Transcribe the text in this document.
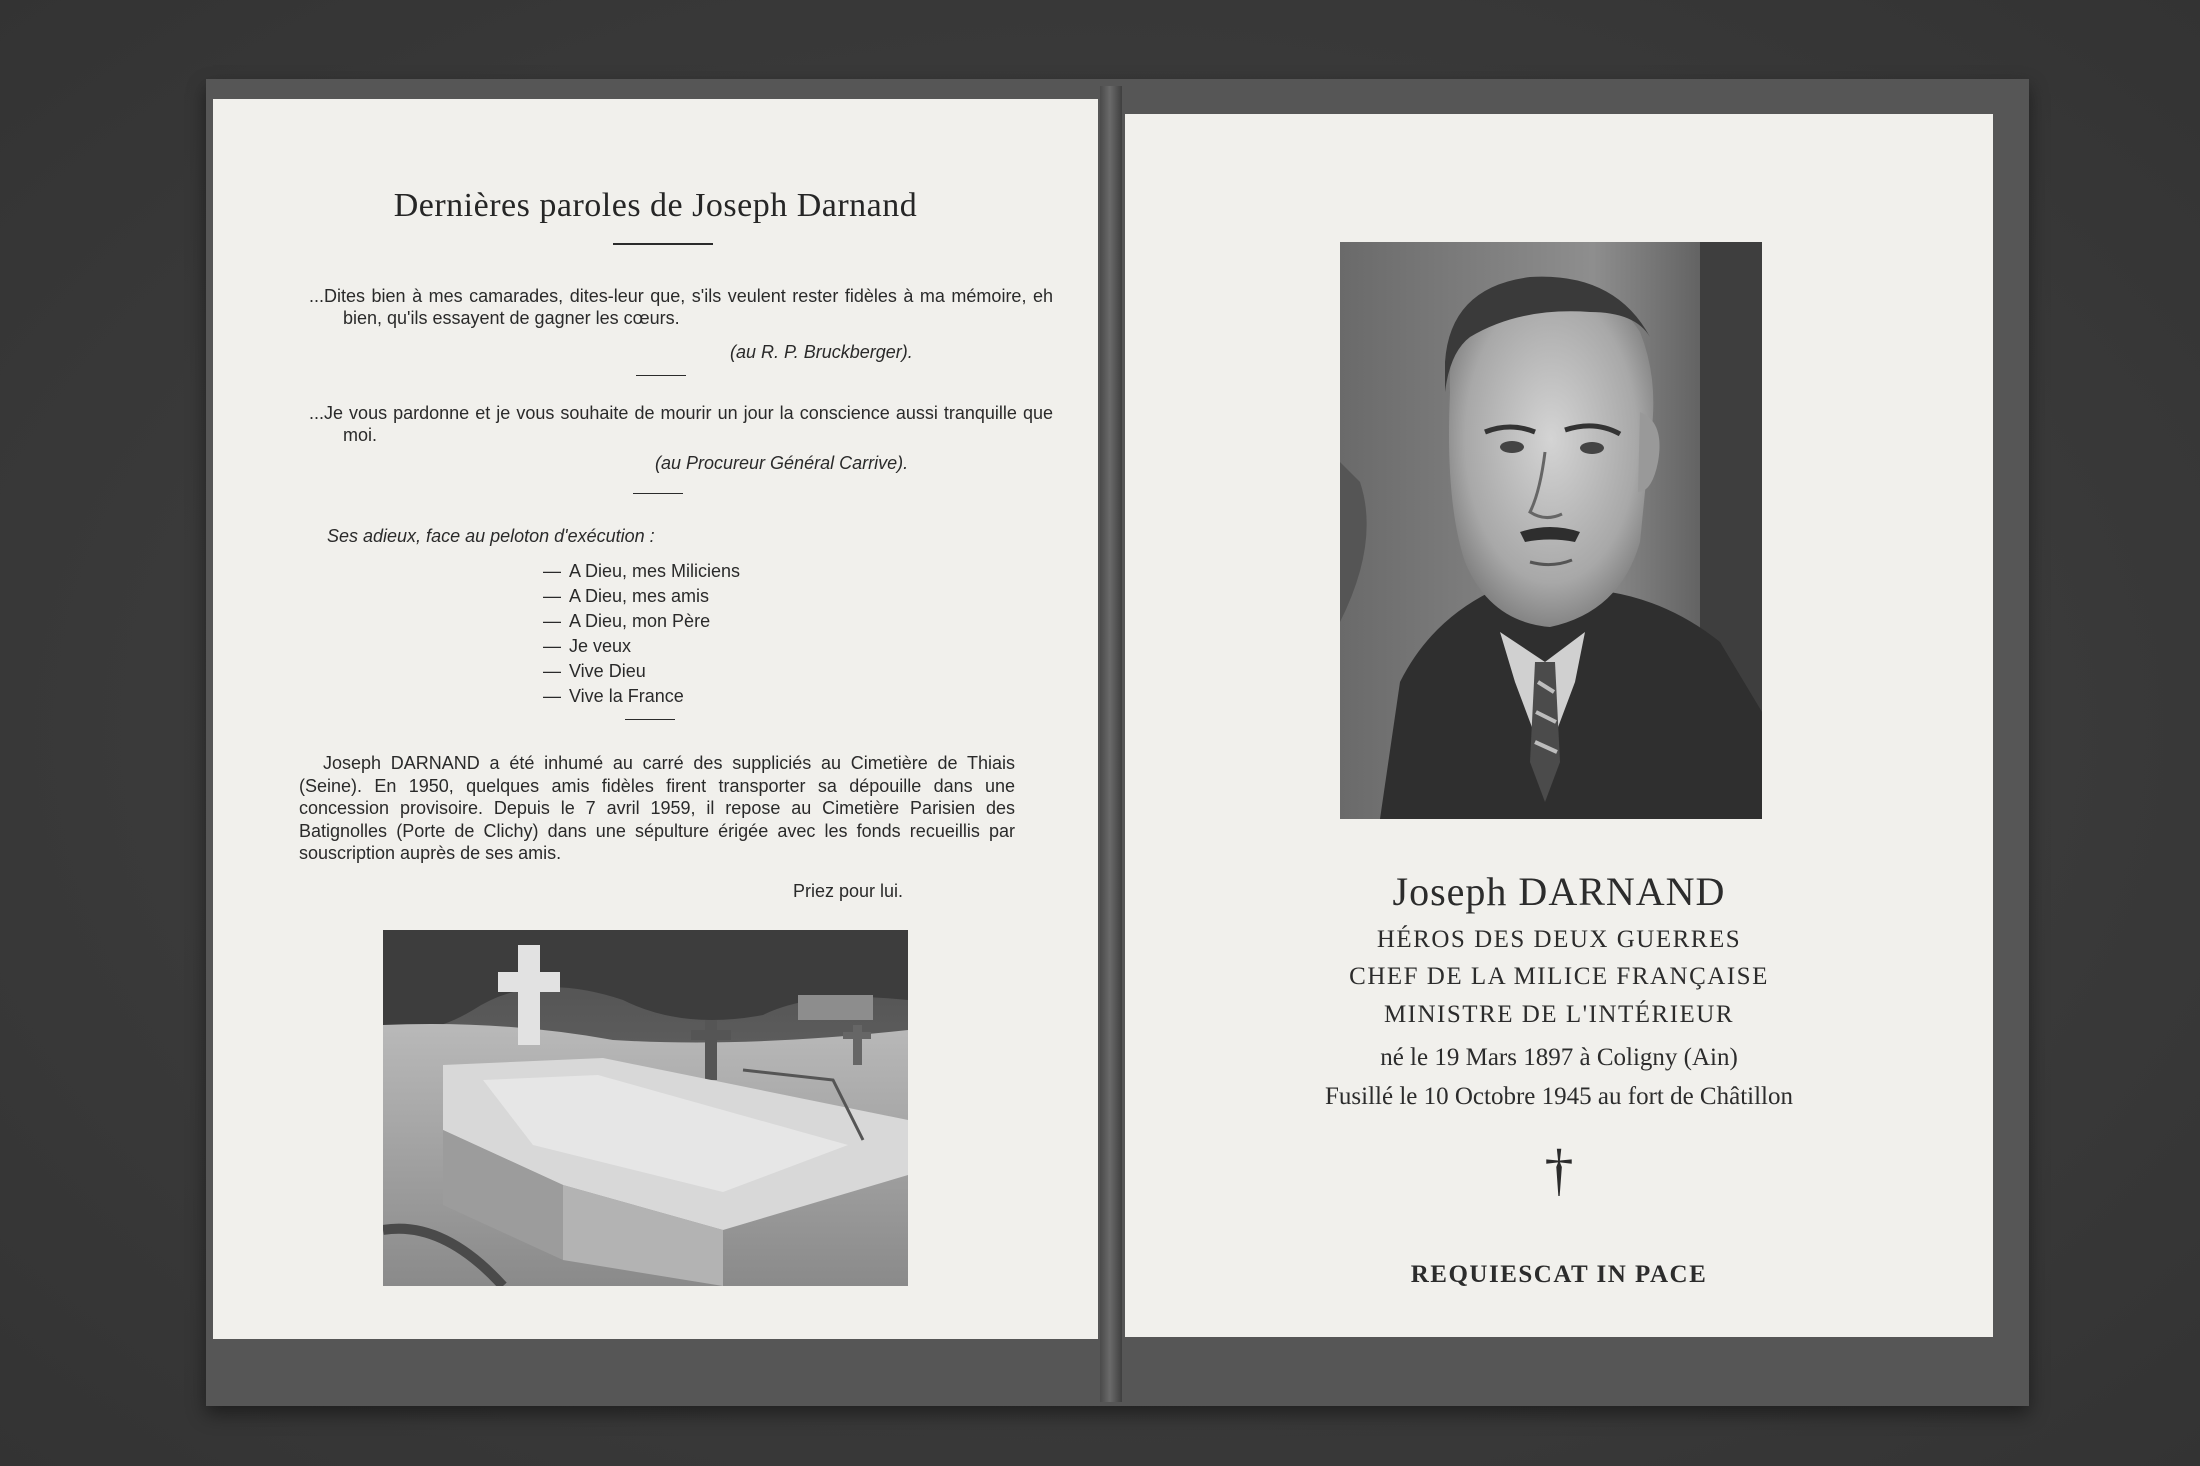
Dernières paroles de Joseph Darnand
...Dites bien à mes camarades, dites-leur que, s'ils veulent rester fidèles à ma mémoire, eh bien, qu'ils essayent de gagner les cœurs.
(au R. P. Bruckberger).
...Je vous pardonne et je vous souhaite de mourir un jour la conscience aussi tranquille que moi.
(au Procureur Général Carrive).
Ses adieux, face au peloton d'exécution :
— A Dieu, mes Miliciens
— A Dieu, mes amis
— A Dieu, mon Père
— Je veux
— Vive Dieu
— Vive la France
Joseph DARNAND a été inhumé au carré des suppliciés au Cimetière de Thiais (Seine). En 1950, quelques amis fidèles firent transporter sa dépouille dans une concession provisoire. Depuis le 7 avril 1959, il repose au Cimetière Parisien des Batignolles (Porte de Clichy) dans une sépulture érigée avec les fonds recueillis par souscription auprès de ses amis.
Priez pour lui.	Joseph DARNAND
HÉROS DES DEUX GUERRES
CHEF DE LA MILICE FRANÇAISE
MINISTRE DE L'INTÉRIEUR
né le 19 Mars 1897 à Coligny (Ain)
Fusillé le 10 Octobre 1945 au fort de Châtillon
†
REQUIESCAT IN PACE
